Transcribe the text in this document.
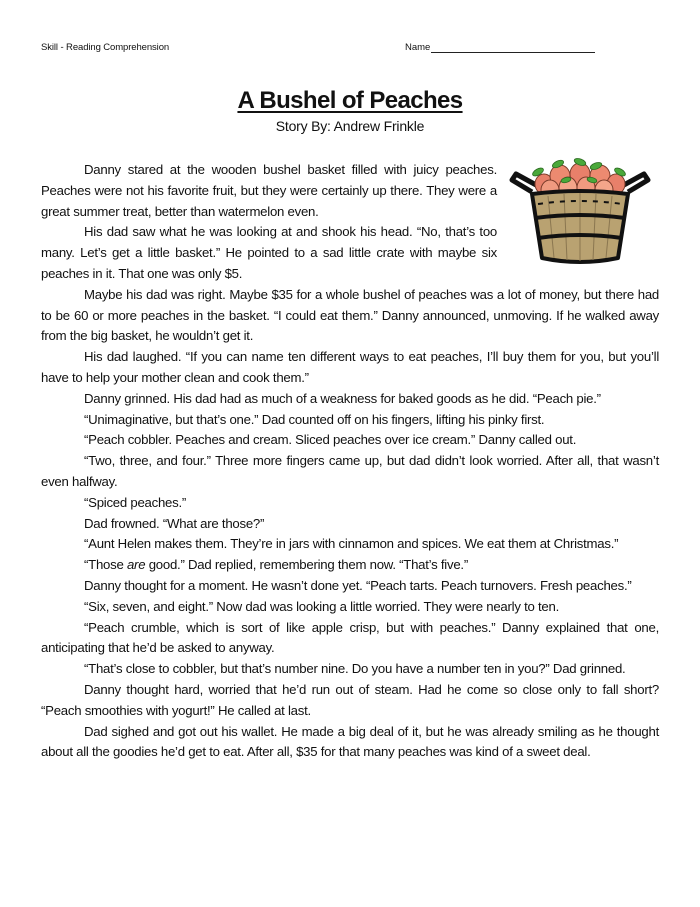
Skill - Reading Comprehension	Name
A Bushel of Peaches
Story By: Andrew Frinkle

Danny stared at the wooden bushel basket filled with juicy peaches. Peaches were not his favorite fruit, but they were certainly up there. They were a great summer treat, better than watermelon even.

His dad saw what he was looking at and shook his head. “No, that’s too many. Let’s get a little basket.” He pointed to a sad little crate with maybe six peaches in it. That one was only $5.

Maybe his dad was right. Maybe $35 for a whole bushel of peaches was a lot of money, but there had to be 60 or more peaches in the basket. “I could eat them.” Danny announced, unmoving. If he walked away from the big basket, he wouldn’t get it.

His dad laughed. “If you can name ten different ways to eat peaches, I’ll buy them for you, but you’ll have to help your mother clean and cook them.”

Danny grinned. His dad had as much of a weakness for baked goods as he did. “Peach pie.”

“Unimaginative, but that’s one.” Dad counted off on his fingers, lifting his pinky first.

“Peach cobbler. Peaches and cream. Sliced peaches over ice cream.” Danny called out.

“Two, three, and four.” Three more fingers came up, but dad didn’t look worried. After all, that wasn’t even halfway.

“Spiced peaches.”

Dad frowned. “What are those?”

“Aunt Helen makes them. They’re in jars with cinnamon and spices. We eat them at Christmas.”

“Those are good.” Dad replied, remembering them now. “That’s five.”

Danny thought for a moment. He wasn’t done yet. “Peach tarts. Peach turnovers. Fresh peaches.”

“Six, seven, and eight.” Now dad was looking a little worried. They were nearly to ten.

“Peach crumble, which is sort of like apple crisp, but with peaches.” Danny explained that one, anticipating that he’d be asked to anyway.

“That’s close to cobbler, but that’s number nine. Do you have a number ten in you?” Dad grinned.

Danny thought hard, worried that he’d run out of steam. Had he come so close only to fall short? “Peach smoothies with yogurt!” He called at last.

Dad sighed and got out his wallet. He made a big deal of it, but he was already smiling as he thought about all the goodies he’d get to eat. After all, $35 for that many peaches was kind of a sweet deal.
